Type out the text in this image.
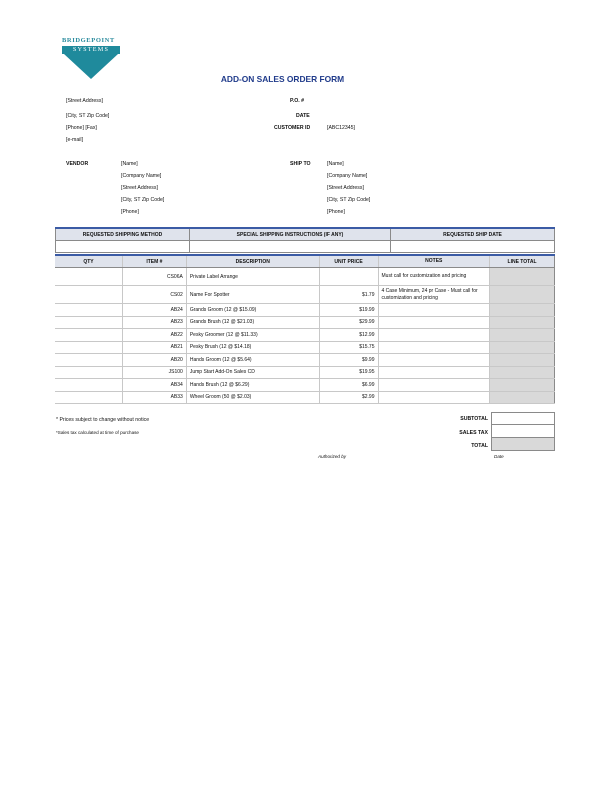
BRIDGEPOINT
SYSTEMS
ADD-ON SALES ORDER FORM
[Street Address]
[City, ST Zip Code]
[Phone] [Fax]
[e-mail]
P.O. #
DATE
CUSTOMER ID	[ABC12345]
VENDOR	[Name]
[Company Name]
[Street Address]
[City, ST Zip Code]
[Phone]
SHIP TO	[Name]
[Company Name]
[Street Address]
[City, ST Zip Code]
[Phone]
REQUESTED SHIPPING METHOD	SPECIAL SHIPPING INSTRUCTIONS (IF ANY)	REQUESTED SHIP DATE

QTY	ITEM #	DESCRIPTION	UNIT PRICE	NOTES	LINE TOTAL
	CS06A	Private Label Arrange		Must call for customization and pricing	
	CS02	Name For Spotter	$1.79	4 Case Minimum, 24 pr Case - Must call for customization and pricing	
	AB24	Grands Groom (12 @ $15.09)	$19.99		
	AB23	Grands Brush (12 @ $21.03)	$29.99		
	AB22	Pesky Groomer (12 @ $11.33)	$12.99		
	AB21	Pesky Brush (12 @ $14.18)	$15.75		
	AB20	Hands Groom (12 @ $5.64)	$9.99		
	JS100	Jump Start Add-On Sales CD	$19.95		
	AB34	Hands Brush (12 @ $6.29)	$6.99		
	AB33	Wheel Groom (50 @ $2.03)	$2.99		
* Prices subject to change without notice
*Sales tax calculated at time of purchase
SUBTOTAL
SALES TAX
TOTAL
Authorized by	Date
